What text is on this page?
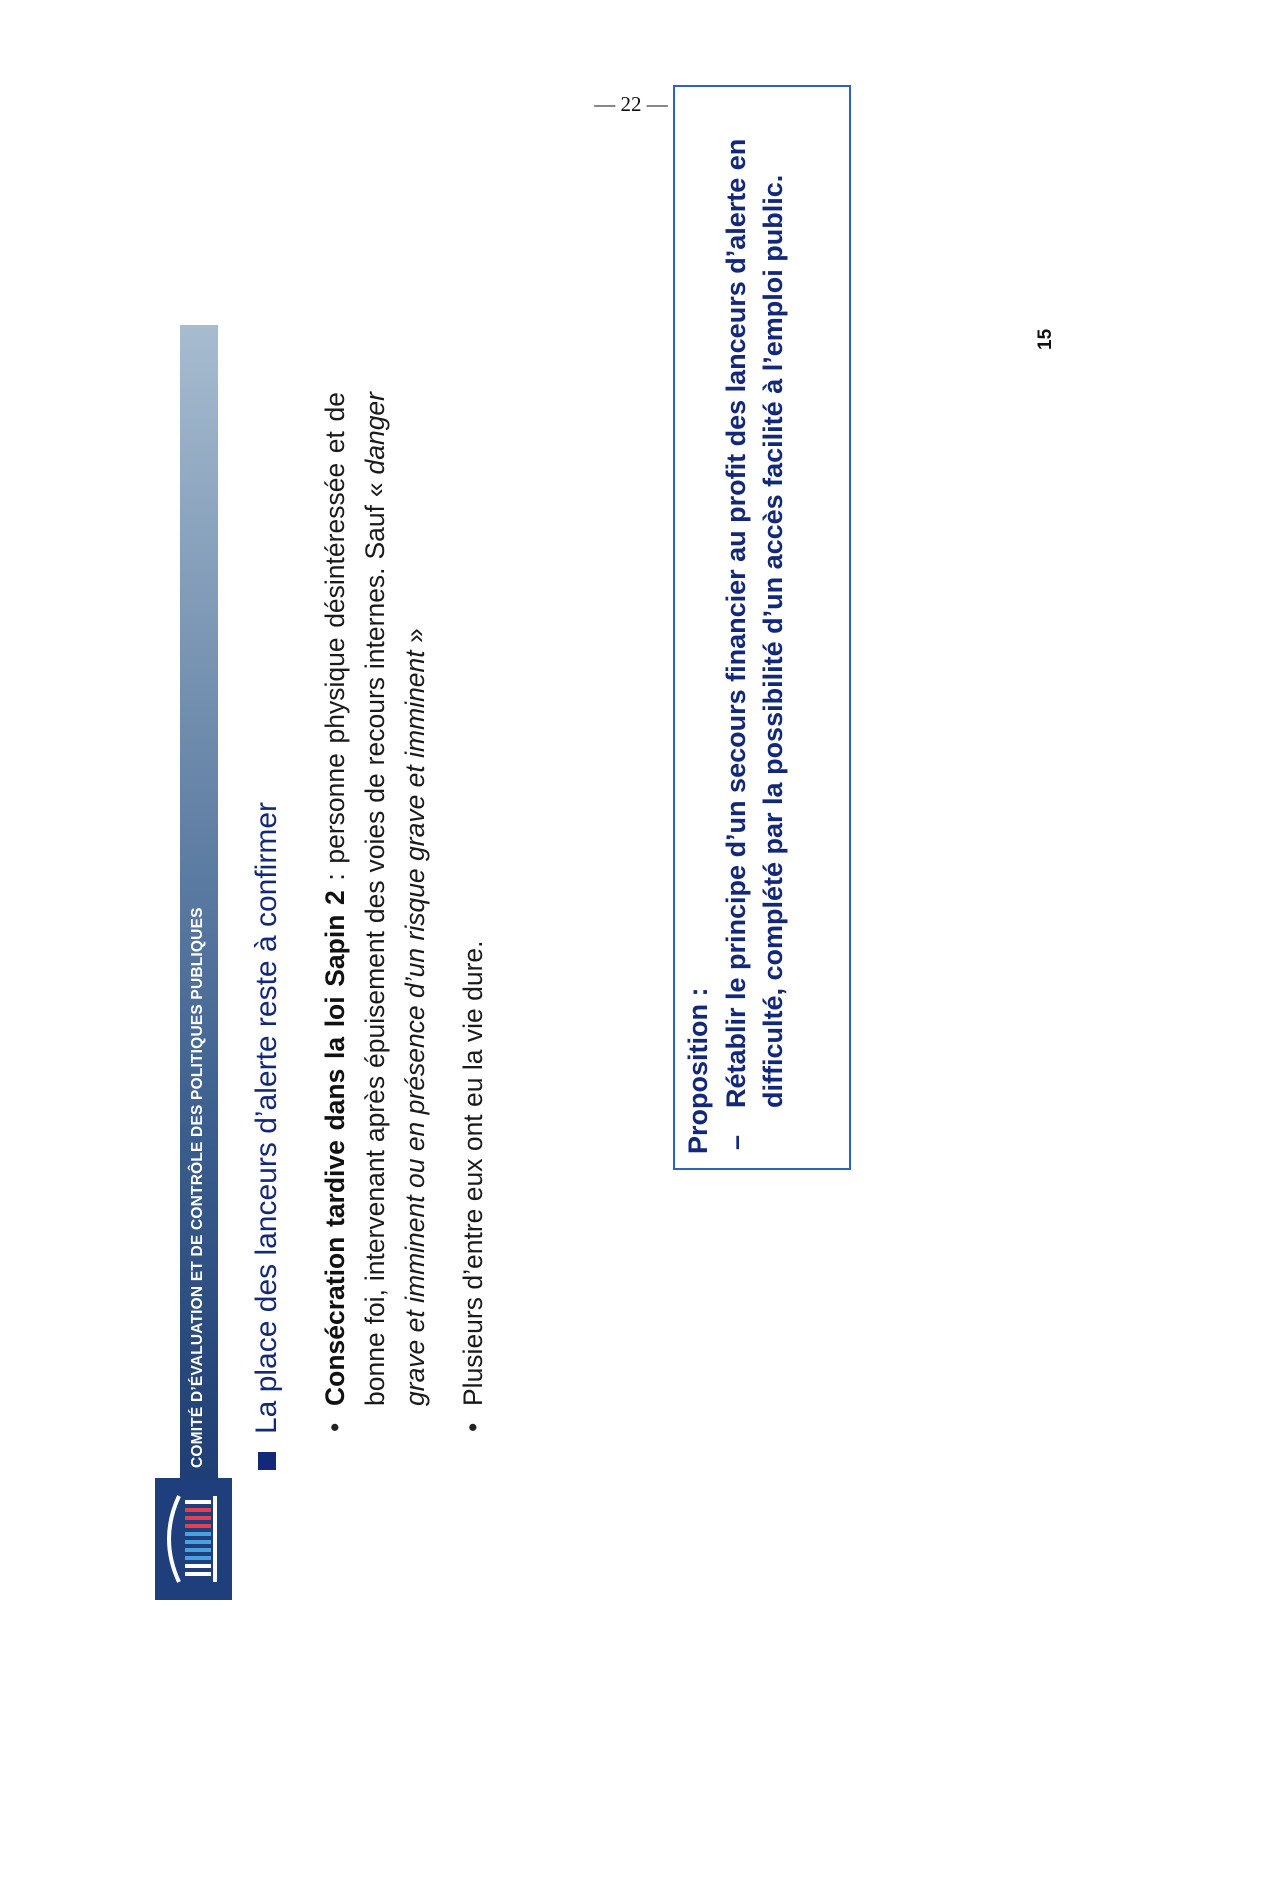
— 22 —
COMITÉ D’ÉVALUATION ET DE CONTRÔLE DES POLITIQUES PUBLIQUES La place des lanceurs d’alerte reste à confirmer
• Consécration tardive dans la loi Sapin 2 : personne physique désintéressée et de bonne foi, intervenant après épuisement des voies de recours internes. Sauf « danger grave et imminent ou en présence d’un risque grave et imminent »
• Plusieurs d’entre eux ont eu la vie dure.	Proposition : –
Rétablir le principe d’un secours financier au profit des lanceurs d’alerte en difficulté, complété par la possibilité d’un accès facilité à l’emploi public.	15
